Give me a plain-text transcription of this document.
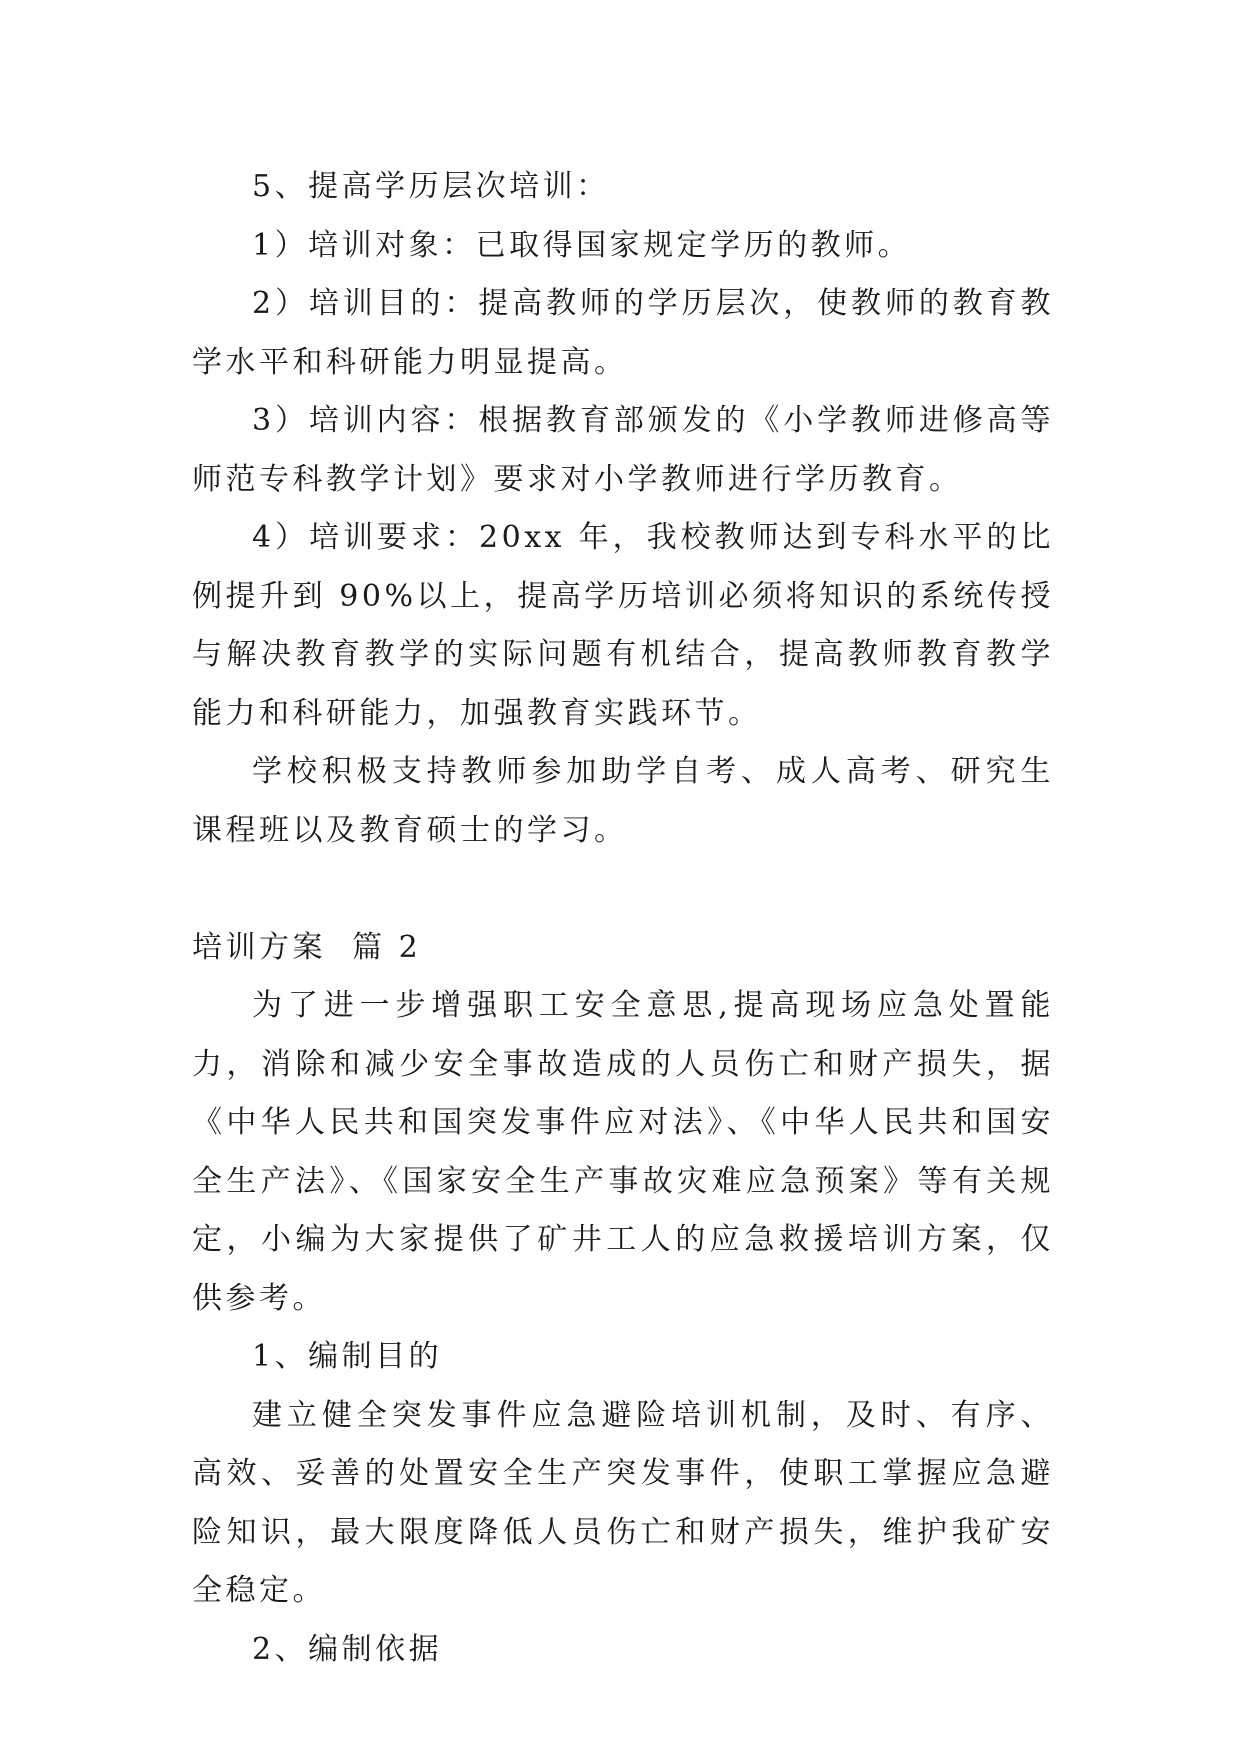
5、提高学历层次培训：

1）培训对象：已取得国家规定学历的教师。

2）培训目的：提高教师的学历层次，使教师的教育教学水平和科研能力明显提高。

3）培训内容：根据教育部颁发的《小学教师进修高等师范专科教学计划》要求对小学教师进行学历教育。

4）培训要求：20xx 年，我校教师达到专科水平的比例提升到 90%以上，提高学历培训必须将知识的系统传授与解决教育教学的实际问题有机结合，提高教师教育教学能力和科研能力，加强教育实践环节。

学校积极支持教师参加助学自考、成人高考、研究生课程班以及教育硕士的学习。

培训方案  篇 2

为了进一步增强职工安全意思,提高现场应急处置能力，消除和减少安全事故造成的人员伤亡和财产损失，据《中华人民共和国突发事件应对法》、《中华人民共和国安全生产法》、《国家安全生产事故灾难应急预案》等有关规定，小编为大家提供了矿井工人的应急救援培训方案，仅供参考。

1、编制目的

建立健全突发事件应急避险培训机制，及时、有序、高效、妥善的处置安全生产突发事件，使职工掌握应急避险知识，最大限度降低人员伤亡和财产损失，维护我矿安全稳定。

2、编制依据
